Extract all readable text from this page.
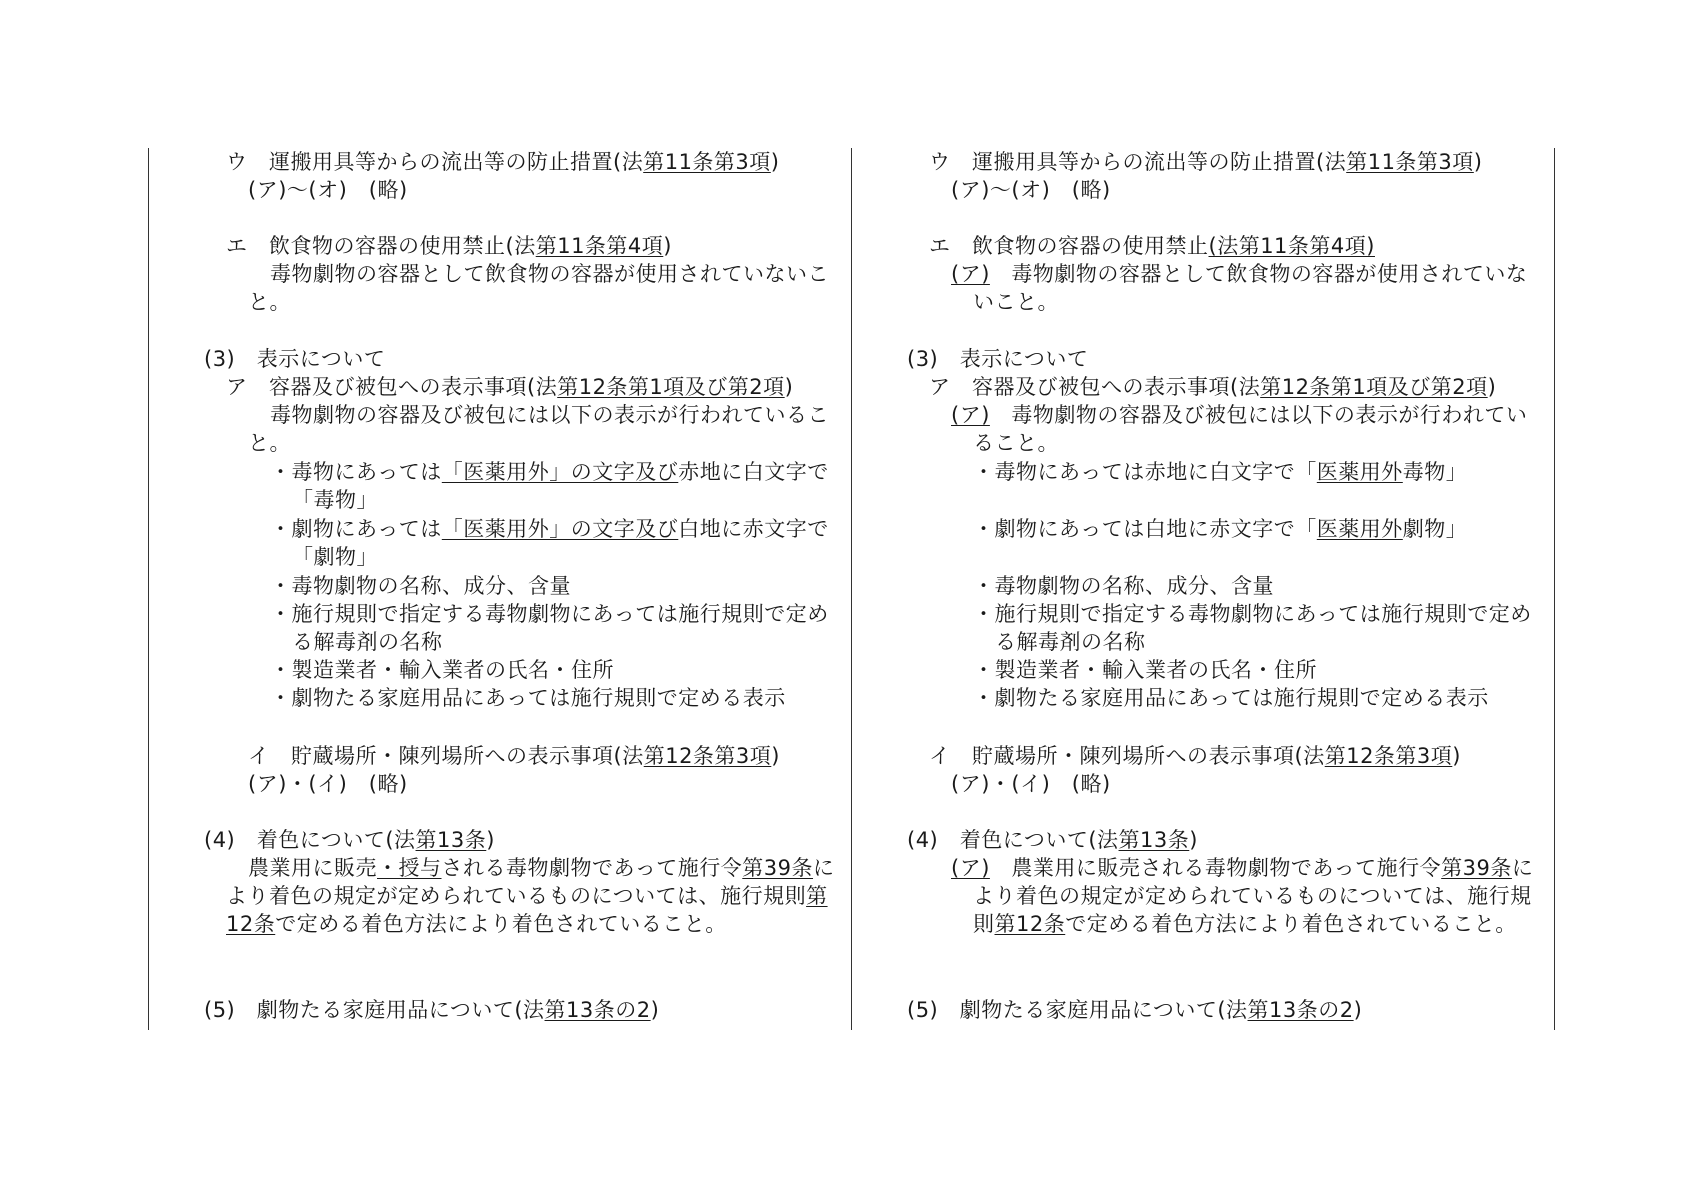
ウ　運搬用具等からの流出等の防止措置(法第11条第3項)
(ア)～(オ)　(略)
エ　飲食物の容器の使用禁止(法第11条第4項)
毒物劇物の容器として飲食物の容器が使用されていないこ
と。
(3)　表示について
ア　容器及び被包への表示事項(法第12条第1項及び第2項)
毒物劇物の容器及び被包には以下の表示が行われているこ
と。
・毒物にあっては「医薬用外」の文字及び赤地に白文字で
「毒物」
・劇物にあっては「医薬用外」の文字及び白地に赤文字で
「劇物」
・毒物劇物の名称、成分、含量
・施行規則で指定する毒物劇物にあっては施行規則で定め
る解毒剤の名称
・製造業者・輸入業者の氏名・住所
・劇物たる家庭用品にあっては施行規則で定める表示
イ　貯蔵場所・陳列場所への表示事項(法第12条第3項)
(ア)・(イ)　(略)
(4)　着色について(法第13条)
農業用に販売・授与される毒物劇物であって施行令第39条に
より着色の規定が定められているものについては、施行規則第
12条で定める着色方法により着色されていること。
(5)　劇物たる家庭用品について(法第13条の2)
ウ　運搬用具等からの流出等の防止措置(法第11条第3項)
(ア)～(オ)　(略)
エ　飲食物の容器の使用禁止(法第11条第4項)
(ア)　毒物劇物の容器として飲食物の容器が使用されていな
いこと。
(3)　表示について
ア　容器及び被包への表示事項(法第12条第1項及び第2項)
(ア)　毒物劇物の容器及び被包には以下の表示が行われてい
ること。
・毒物にあっては赤地に白文字で「医薬用外毒物」
・劇物にあっては白地に赤文字で「医薬用外劇物」
・毒物劇物の名称、成分、含量
・施行規則で指定する毒物劇物にあっては施行規則で定め
る解毒剤の名称
・製造業者・輸入業者の氏名・住所
・劇物たる家庭用品にあっては施行規則で定める表示
イ　貯蔵場所・陳列場所への表示事項(法第12条第3項)
(ア)・(イ)　(略)
(4)　着色について(法第13条)
(ア)　農業用に販売される毒物劇物であって施行令第39条に
より着色の規定が定められているものについては、施行規
則第12条で定める着色方法により着色されていること。
(5)　劇物たる家庭用品について(法第13条の2)
